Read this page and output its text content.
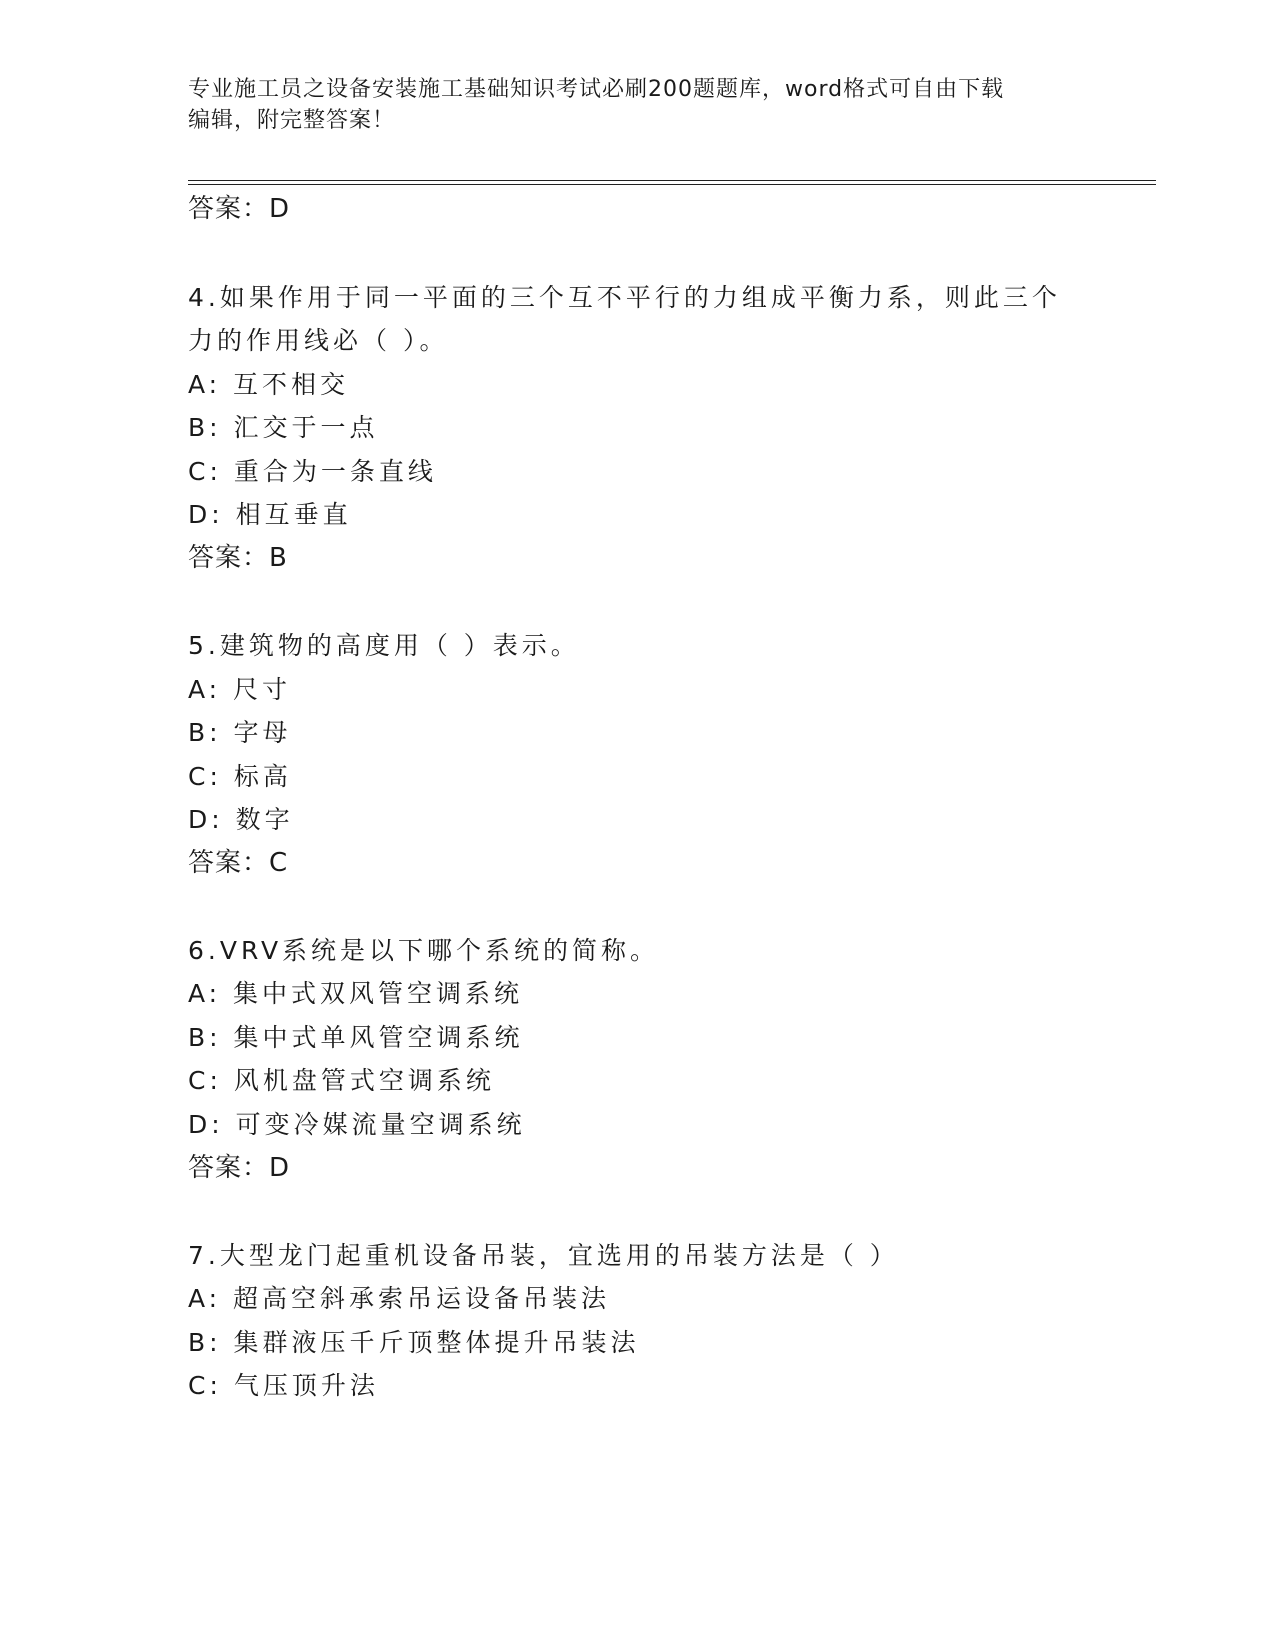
专业施工员之设备安装施工基础知识考试必刷200题题库，word格式可自由下载
编辑，附完整答案！
答案：D
4.如果作用于同一平面的三个互不平行的力组成平衡力系，则此三个
力的作用线必（ ）。
A: 互不相交
B: 汇交于一点
C: 重合为一条直线
D: 相互垂直
答案：B
5.建筑物的高度用（ ）表示。
A: 尺寸
B: 字母
C: 标高
D: 数字
答案：C
6.VRV系统是以下哪个系统的简称。
A: 集中式双风管空调系统
B: 集中式单风管空调系统
C: 风机盘管式空调系统
D: 可变冷媒流量空调系统
答案：D
7.大型龙门起重机设备吊装，宜选用的吊装方法是（ ）
A: 超高空斜承索吊运设备吊装法
B: 集群液压千斤顶整体提升吊装法
C: 气压顶升法
